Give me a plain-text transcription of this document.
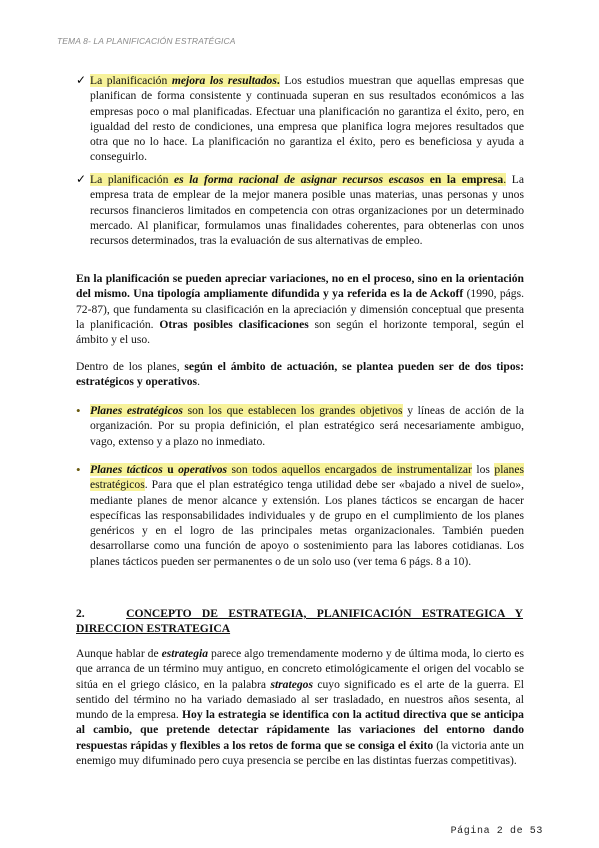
TEMA 8- LA PLANIFICACIÓN ESTRATÉGICA
✓ La planificación mejora los resultados. Los estudios muestran que aquellas empresas que planifican de forma consistente y continuada superan en sus resultados económicos a las empresas poco o mal planificadas. Efectuar una planificación no garantiza el éxito, pero, en igualdad del resto de condiciones, una empresa que planifica logra mejores resultados que otra que no lo hace. La planificación no garantiza el éxito, pero es beneficiosa y ayuda a conseguirlo.
✓ La planificación es la forma racional de asignar recursos escasos en la empresa. La empresa trata de emplear de la mejor manera posible unas materias, unas personas y unos recursos financieros limitados en competencia con otras organizaciones por un determinado mercado. Al planificar, formulamos unas finalidades coherentes, para obtenerlas con unos recursos determinados, tras la evaluación de sus alternativas de empleo.
En la planificación se pueden apreciar variaciones, no en el proceso, sino en la orientación del mismo. Una tipología ampliamente difundida y ya referida es la de Ackoff (1990, págs. 72-87), que fundamenta su clasificación en la apreciación y dimensión conceptual que presenta la planificación. Otras posibles clasificaciones son según el horizonte temporal, según el ámbito y el uso.
Dentro de los planes, según el ámbito de actuación, se plantea pueden ser de dos tipos: estratégicos y operativos.
• Planes estratégicos son los que establecen los grandes objetivos y líneas de acción de la organización. Por su propia definición, el plan estratégico será necesariamente ambiguo, vago, extenso y a plazo no inmediato.
• Planes tácticos u operativos son todos aquellos encargados de instrumentalizar los planes estratégicos. Para que el plan estratégico tenga utilidad debe ser «bajado a nivel de suelo», mediante planes de menor alcance y extensión. Los planes tácticos se encargan de hacer específicas las responsabilidades individuales y de grupo en el cumplimiento de los planes genéricos y en el logro de las principales metas organizacionales. También pueden desarrollarse como una función de apoyo o sostenimiento para las labores cotidianas. Los planes tácticos pueden ser permanentes o de un solo uso (ver tema 6 págs. 8 a 10).
2.	CONCEPTO DE ESTRATEGIA, PLANIFICACIÓN ESTRATEGICA Y DIRECCION ESTRATEGICA
Aunque hablar de estrategia parece algo tremendamente moderno y de última moda, lo cierto es que arranca de un término muy antiguo, en concreto etimológicamente el origen del vocablo se sitúa en el griego clásico, en la palabra strategos cuyo significado es el arte de la guerra. El sentido del término no ha variado demasiado al ser trasladado, en nuestros años sesenta, al mundo de la empresa. Hoy la estrategia se identifica con la actitud directiva que se anticipa al cambio, que pretende detectar rápidamente las variaciones del entorno dando respuestas rápidas y flexibles a los retos de forma que se consiga el éxito (la victoria ante un enemigo muy difuminado pero cuya presencia se percibe en las distintas fuerzas competitivas).
Página 2 de 53
